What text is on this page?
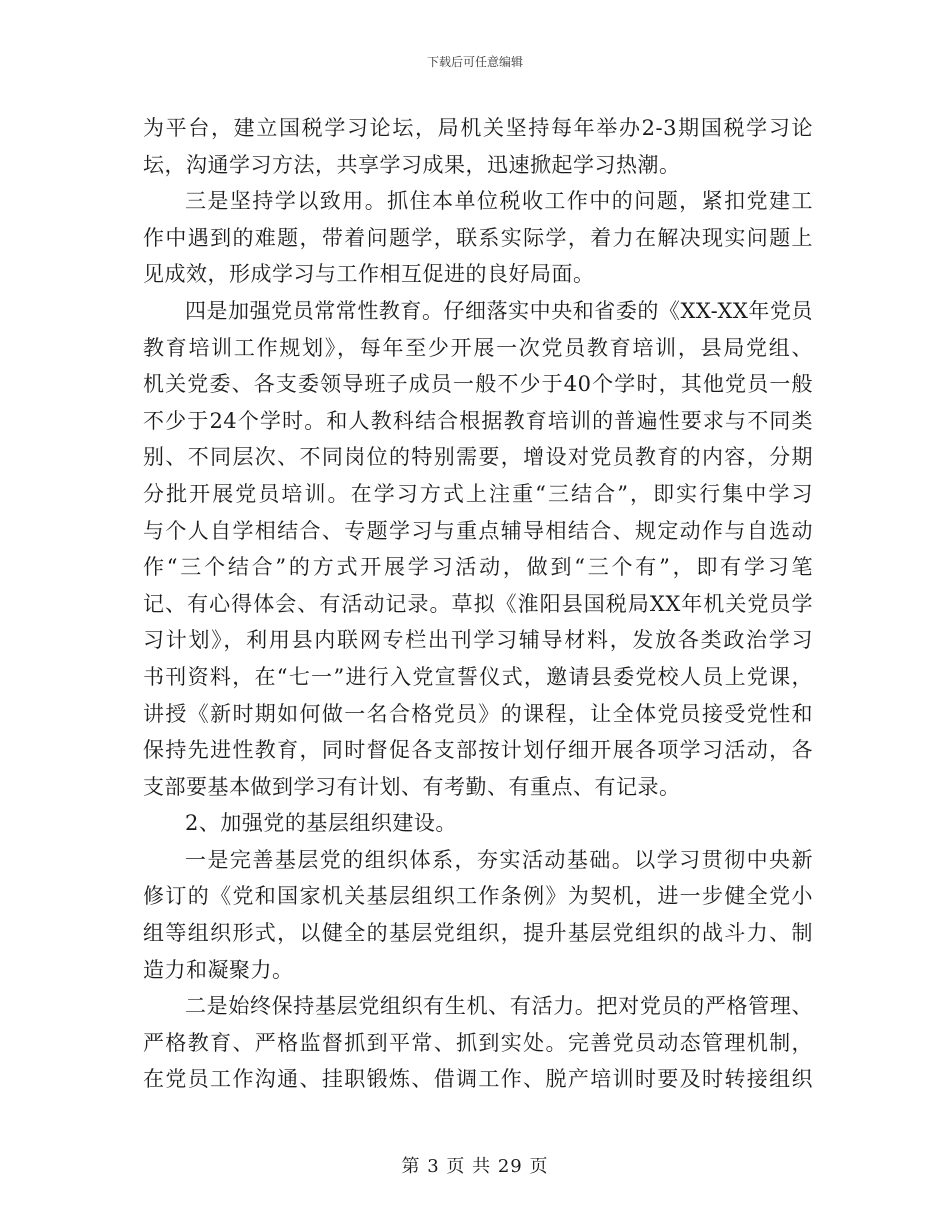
下载后可任意编辑
为平台，建立国税学习论坛，局机关坚持每年举办2-3期国税学习论
坛，沟通学习方法，共享学习成果，迅速掀起学习热潮。
三是坚持学以致用。抓住本单位税收工作中的问题，紧扣党建工
作中遇到的难题，带着问题学，联系实际学，着力在解决现实问题上
见成效，形成学习与工作相互促进的良好局面。
四是加强党员常常性教育。仔细落实中央和省委的《XX-XX年党员
教育培训工作规划》，每年至少开展一次党员教育培训，县局党组、
机关党委、各支委领导班子成员一般不少于40个学时，其他党员一般
不少于24个学时。和人教科结合根据教育培训的普遍性要求与不同类
别、不同层次、不同岗位的特别需要，增设对党员教育的内容，分期
分批开展党员培训。在学习方式上注重“三结合”，即实行集中学习
与个人自学相结合、专题学习与重点辅导相结合、规定动作与自选动
作“三个结合”的方式开展学习活动，做到“三个有”，即有学习笔
记、有心得体会、有活动记录。草拟《淮阳县国税局XX年机关党员学
习计划》，利用县内联网专栏出刊学习辅导材料，发放各类政治学习
书刊资料，在“七一”进行入党宣誓仪式，邀请县委党校人员上党课，
讲授《新时期如何做一名合格党员》的课程，让全体党员接受党性和
保持先进性教育，同时督促各支部按计划仔细开展各项学习活动，各
支部要基本做到学习有计划、有考勤、有重点、有记录。
2、加强党的基层组织建设。
一是完善基层党的组织体系，夯实活动基础。以学习贯彻中央新
修订的《党和国家机关基层组织工作条例》为契机，进一步健全党小
组等组织形式，以健全的基层党组织，提升基层党组织的战斗力、制
造力和凝聚力。
二是始终保持基层党组织有生机、有活力。把对党员的严格管理、
严格教育、严格监督抓到平常、抓到实处。完善党员动态管理机制，
在党员工作沟通、挂职锻炼、借调工作、脱产培训时要及时转接组织
第 3 页 共 29 页
